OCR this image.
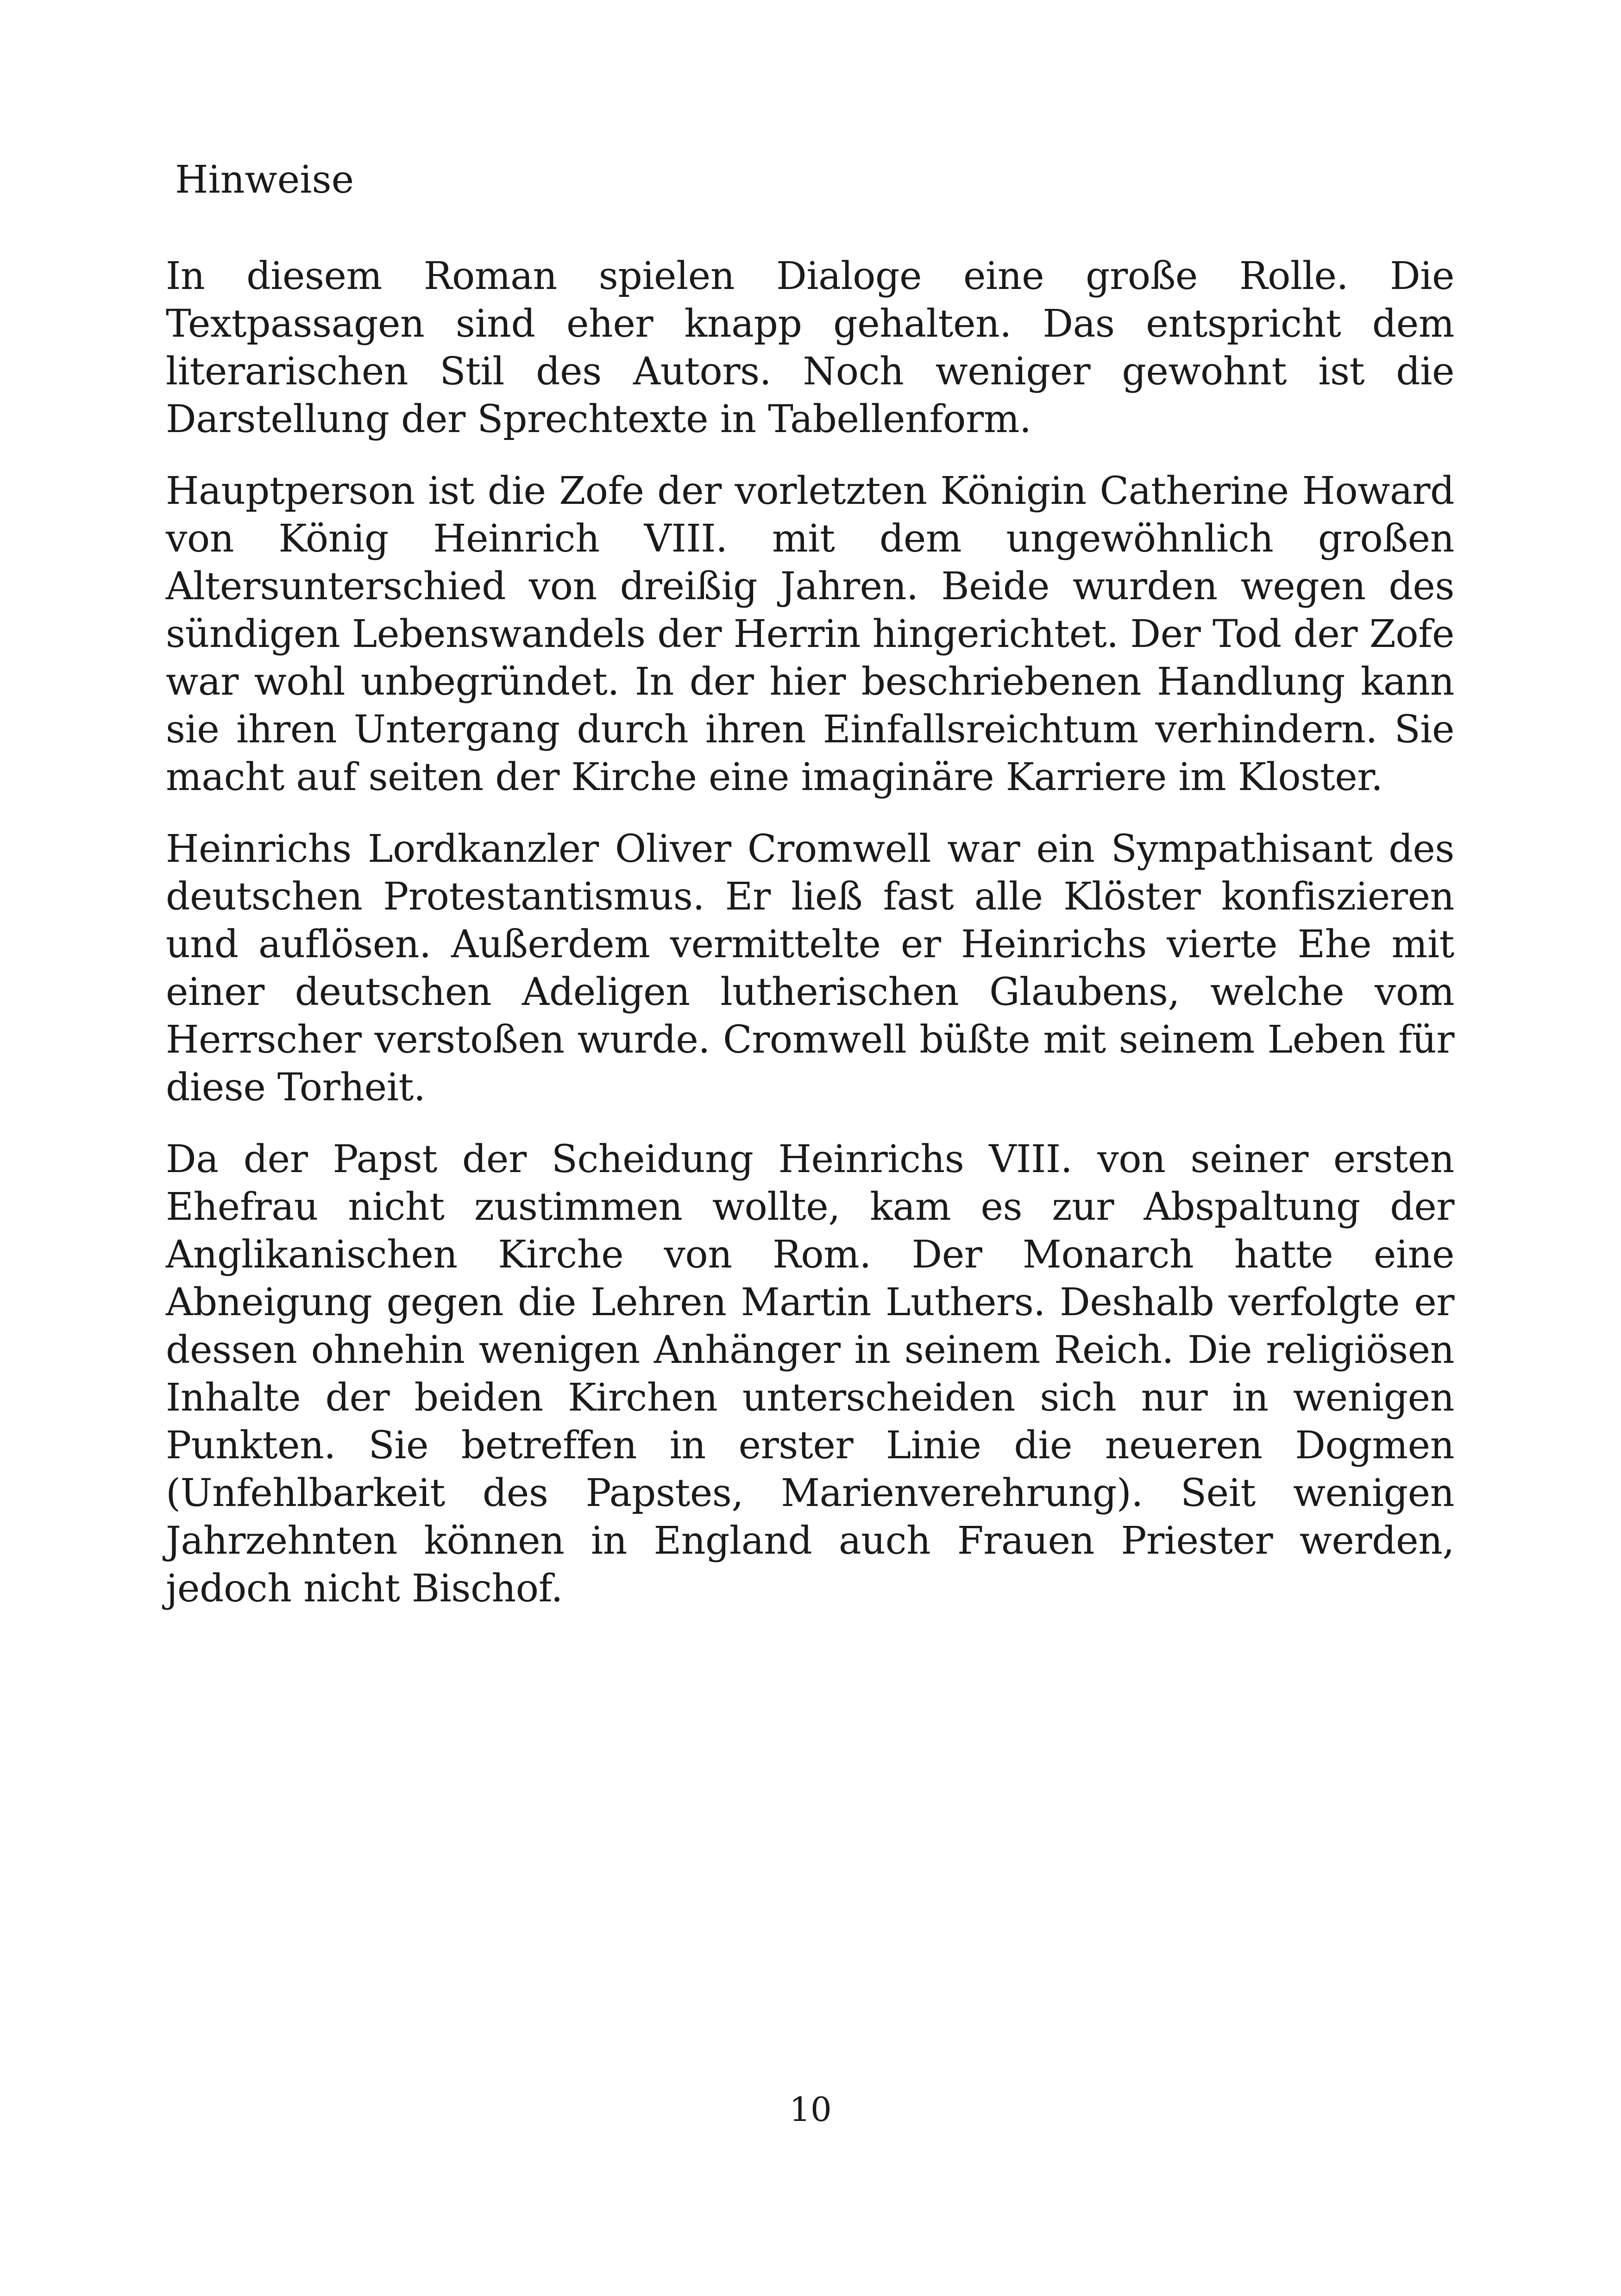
Hinweise

In diesem Roman spielen Dialoge eine große Rolle. Die Textpassagen sind eher knapp gehalten. Das entspricht dem literarischen Stil des Autors. Noch weniger gewohnt ist die Darstellung der Sprechtexte in Tabellenform.

Hauptperson ist die Zofe der vorletzten Königin Catherine Howard von König Heinrich VIII. mit dem ungewöhnlich großen Altersunterschied von dreißig Jahren. Beide wurden wegen des sündigen Lebenswandels der Herrin hingerichtet. Der Tod der Zofe war wohl unbegründet. In der hier beschriebenen Handlung kann sie ihren Untergang durch ihren Einfallsreichtum verhindern. Sie macht auf seiten der Kirche eine imaginäre Karriere im Kloster.

Heinrichs Lordkanzler Oliver Cromwell war ein Sympathisant des deutschen Protestantismus. Er ließ fast alle Klöster konfiszieren und auflösen. Außerdem vermittelte er Heinrichs vierte Ehe mit einer deutschen Adeligen lutherischen Glaubens, welche vom Herrscher verstoßen wurde. Cromwell büßte mit seinem Leben für diese Torheit.

Da der Papst der Scheidung Heinrichs VIII. von seiner ersten Ehefrau nicht zustimmen wollte, kam es zur Abspaltung der Anglikanischen Kirche von Rom. Der Monarch hatte eine Abneigung gegen die Lehren Martin Luthers. Deshalb verfolgte er dessen ohnehin wenigen Anhänger in seinem Reich. Die religiösen Inhalte der beiden Kirchen unterscheiden sich nur in wenigen Punkten. Sie betreffen in erster Linie die neueren Dogmen (Unfehlbarkeit des Papstes, Marienverehrung). Seit wenigen Jahrzehnten können in England auch Frauen Priester werden, jedoch nicht Bischof.

10
